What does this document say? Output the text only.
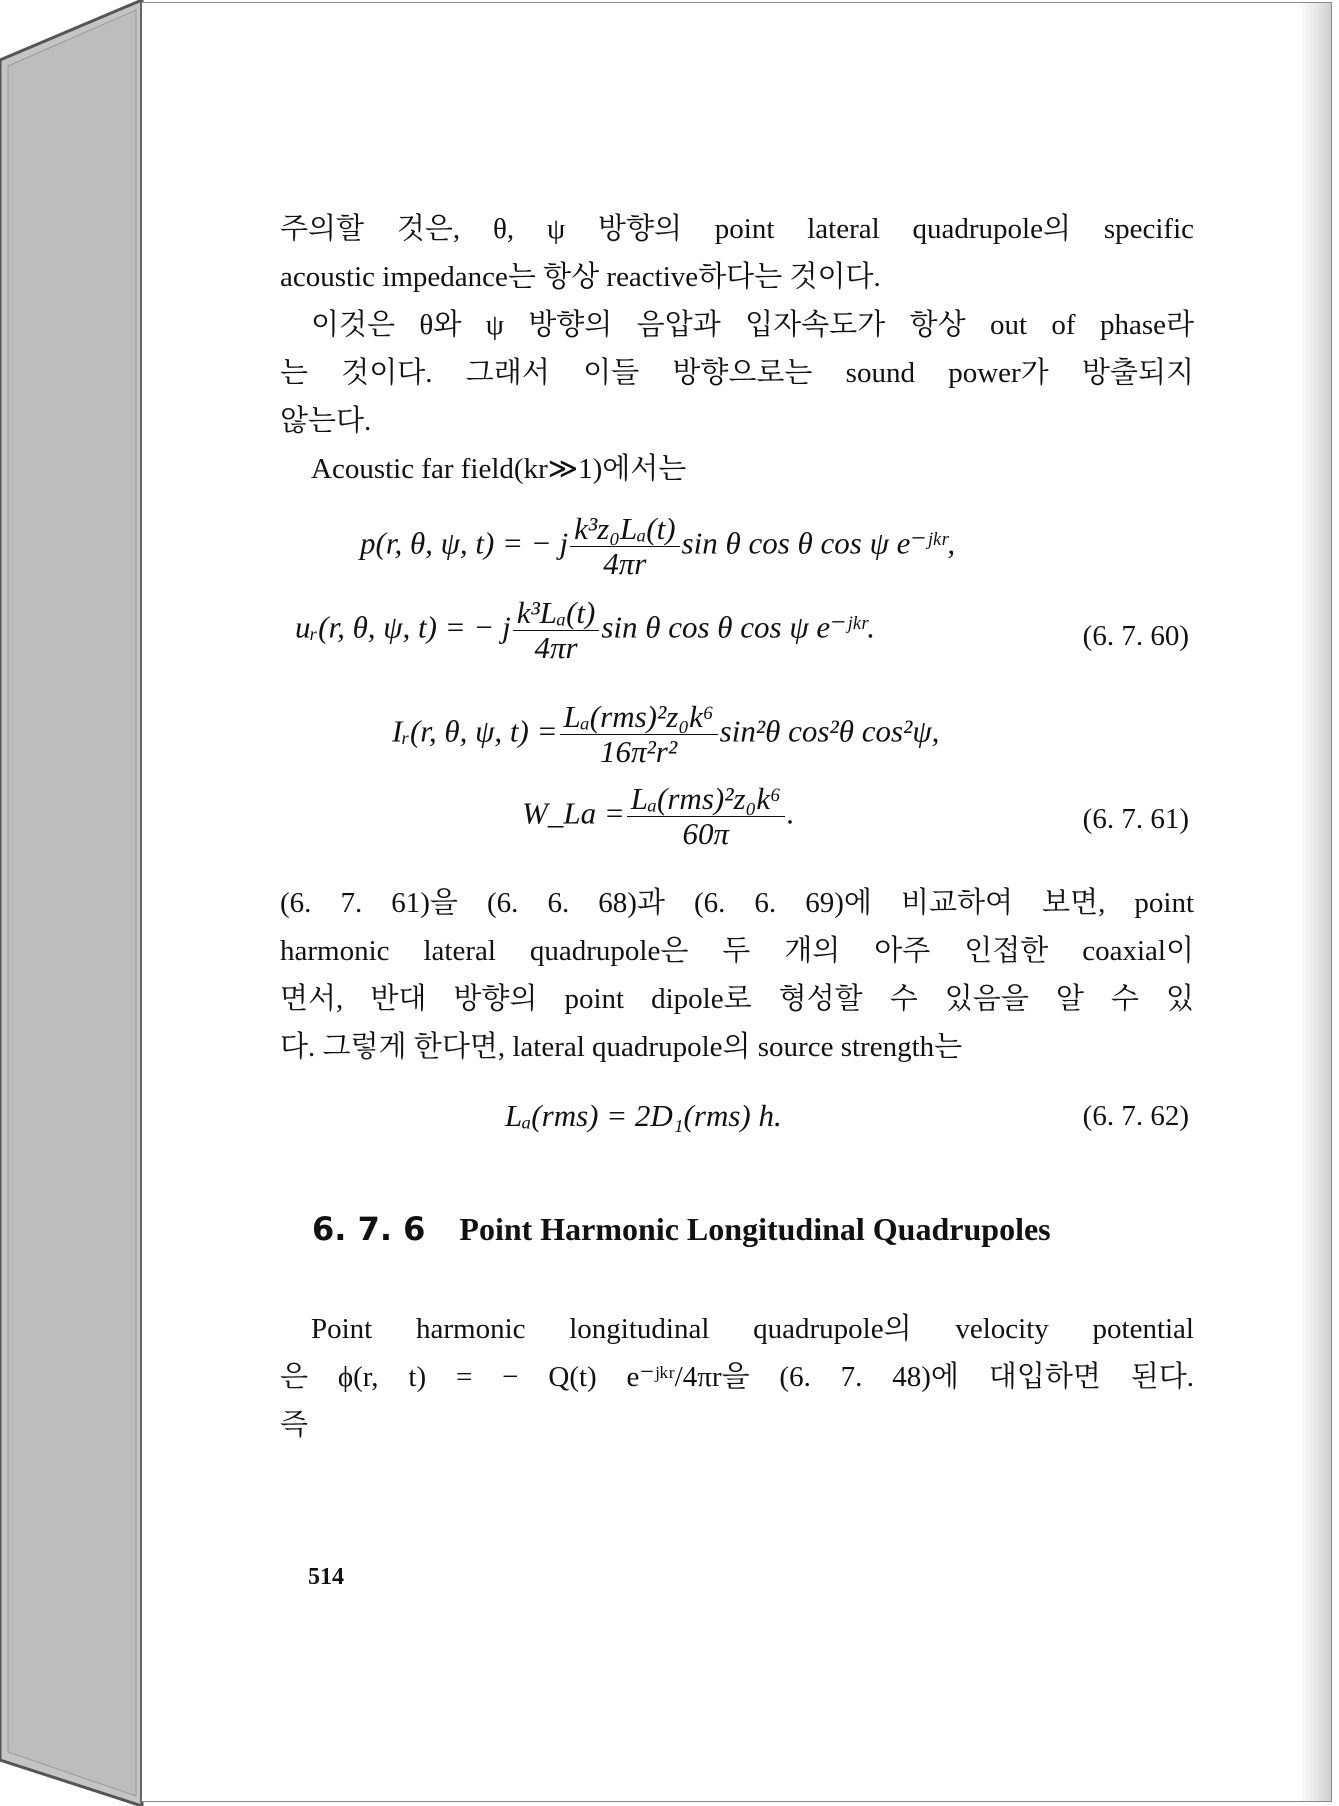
주의할 것은, θ, ψ 방향의 point lateral quadrupole의 specific
acoustic impedance는 항상 reactive하다는 것이다.
이것은 θ와 ψ 방향의 음압과 입자속도가 항상 out of phase라
는 것이다. 그래서 이들 방향으로는 sound power가 방출되지
않는다.
Acoustic far field(kr≫1)에서는
p(r, θ, ψ, t) = − j $\frac{\text{k³z₀Lₐ(t)}}{4\pi r}$ sin θ cos θ cos ψ e⁻ʲᵏʳ,
uᵣ(r, θ, ψ, t) = − j $\frac{\text{k³Lₐ(t)}}{4\pi r}$ sin θ cos θ cos ψ e⁻ʲᵏʳ.	(6. 7. 60)
Iᵣ(r, θ, ψ, $t) = \frac{\text{Lₐ(rms)²z₀k⁶}}{\text{16π²r²}} \sin^2\theta$ cos²θ cos²ψ,
W_La = $\frac{\text{Lₐ(rms)²z₀k⁶}}{60\pi}$ .	(6. 7. 61)
(6. 7. 61)을 (6. 6. 68)과 (6. 6. 69)에 비교하여 보면, point
harmonic lateral quadrupole은 두 개의 아주 인접한 coaxial이
면서, 반대 방향의 point dipole로 형성할 수 있음을 알 수 있
다. 그렇게 한다면, lateral quadrupole의 source strength는
Lₐ(rms) = 2D₁(rms) h.	(6. 7. 62)
6. 7. 6 Point Harmonic Longitudinal Quadrupoles
Point harmonic longitudinal quadrupole의 velocity potential
은 ϕ(r, t) = − Q(t) e⁻ʲᵏʳ/4πr을 (6. 7. 48)에 대입하면 된다.
즉
514
